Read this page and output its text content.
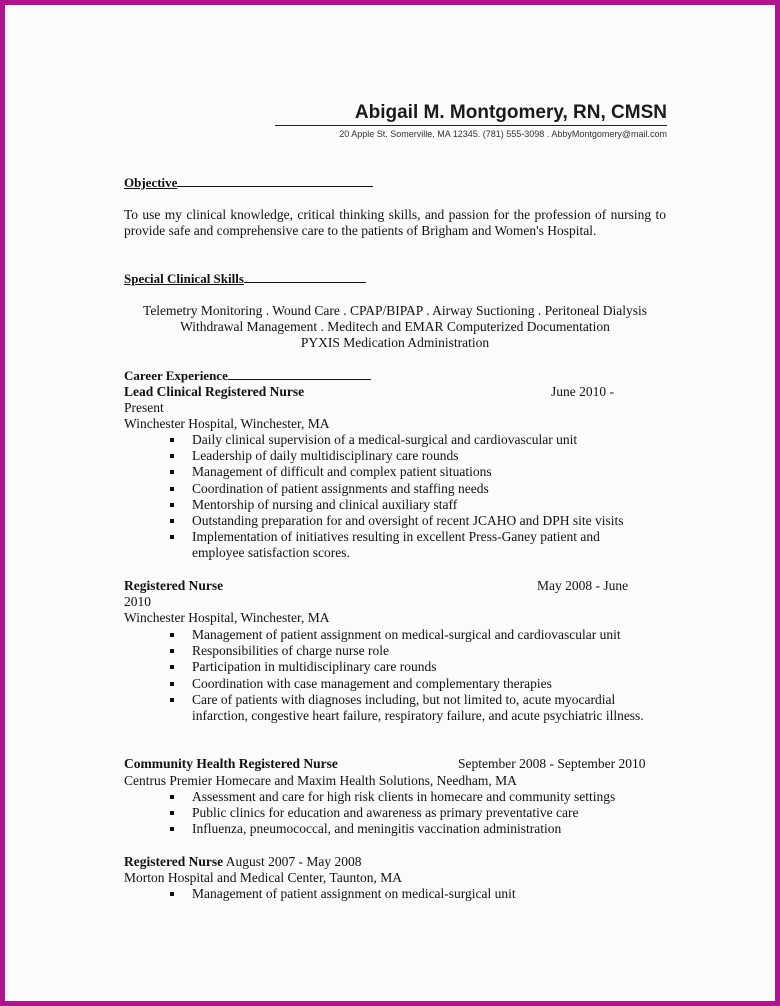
Abigail M. Montgomery, RN, CMSN
20 Apple St. Somerville, MA 12345. (781) 555-3098 . AbbyMontgomery@mail.com
Objective
To use my clinical knowledge, critical thinking skills, and passion for the profession of nursing to provide safe and comprehensive care to the patients of Brigham and Women's Hospital.
Special Clinical Skills
Telemetry Monitoring . Wound Care . CPAP/BIPAP . Airway Suctioning . Peritoneal Dialysis
Withdrawal Management . Meditech and EMAR Computerized Documentation
PYXIS Medication Administration
Career Experience
Lead Clinical Registered Nurse	June 2010 -
Present
Winchester Hospital, Winchester, MA
Daily clinical supervision of a medical-surgical and cardiovascular unit
Leadership of daily multidisciplinary care rounds
Management of difficult and complex patient situations
Coordination of patient assignments and staffing needs
Mentorship of nursing and clinical auxiliary staff
Outstanding preparation for and oversight of recent JCAHO and DPH site visits
Implementation of initiatives resulting in excellent Press-Ganey patient and employee satisfaction scores.
Registered Nurse	May 2008 - June
2010
Winchester Hospital, Winchester, MA
Management of patient assignment on medical-surgical and cardiovascular unit
Responsibilities of charge nurse role
Participation in multidisciplinary care rounds
Coordination with case management and complementary therapies
Care of patients with diagnoses including, but not limited to, acute myocardial infarction, congestive heart failure, respiratory failure, and acute psychiatric illness.
Community Health Registered Nurse	September 2008 - September 2010
Centrus Premier Homecare and Maxim Health Solutions, Needham, MA
Assessment and care for high risk clients in homecare and community settings
Public clinics for education and awareness as primary preventative care
Influenza, pneumococcal, and meningitis vaccination administration
Registered Nurse August 2007 - May 2008
Morton Hospital and Medical Center, Taunton, MA
Management of patient assignment on medical-surgical unit
